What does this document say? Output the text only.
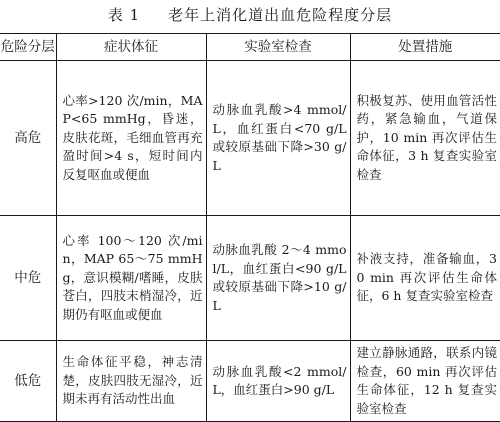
表 1 老年上消化道出血危险程度分层
危险分层	症状体征	实验室检查	处置措施
高危	心率>120 次/min，MAP<65 mmHg，昏迷，皮肤花斑，毛细血管再充盈时间>4 s，短时间内反复呕血或便血	动脉血乳酸>4 mmol/L，血红蛋白<70 g/L或较原基础下降>30 g/L	积极复苏、使用血管活性药，紧急输血，气道保护，10 min 再次评估生命体征，3 h 复查实验室检查
中危	心率 100～120 次/min，MAP 65～75 mmHg，意识模糊/嗜睡，皮肤苍白，四肢末梢湿冷，近期仍有呕血或便血	动脉血乳酸 2～4 mmol/L，血红蛋白<90 g/L或较原基础下降>10 g/L	补液支持，准备输血，30 min 再次评估生命体征，6 h 复查实验室检查
低危	生命体征平稳，神志清楚，皮肤四肢无湿冷，近期未再有活动性出血	动脉血乳酸<2 mmol/L，血红蛋白>90 g/L	建立静脉通路，联系内镜检查，60 min 再次评估生命体征，12 h 复查实验室检查
